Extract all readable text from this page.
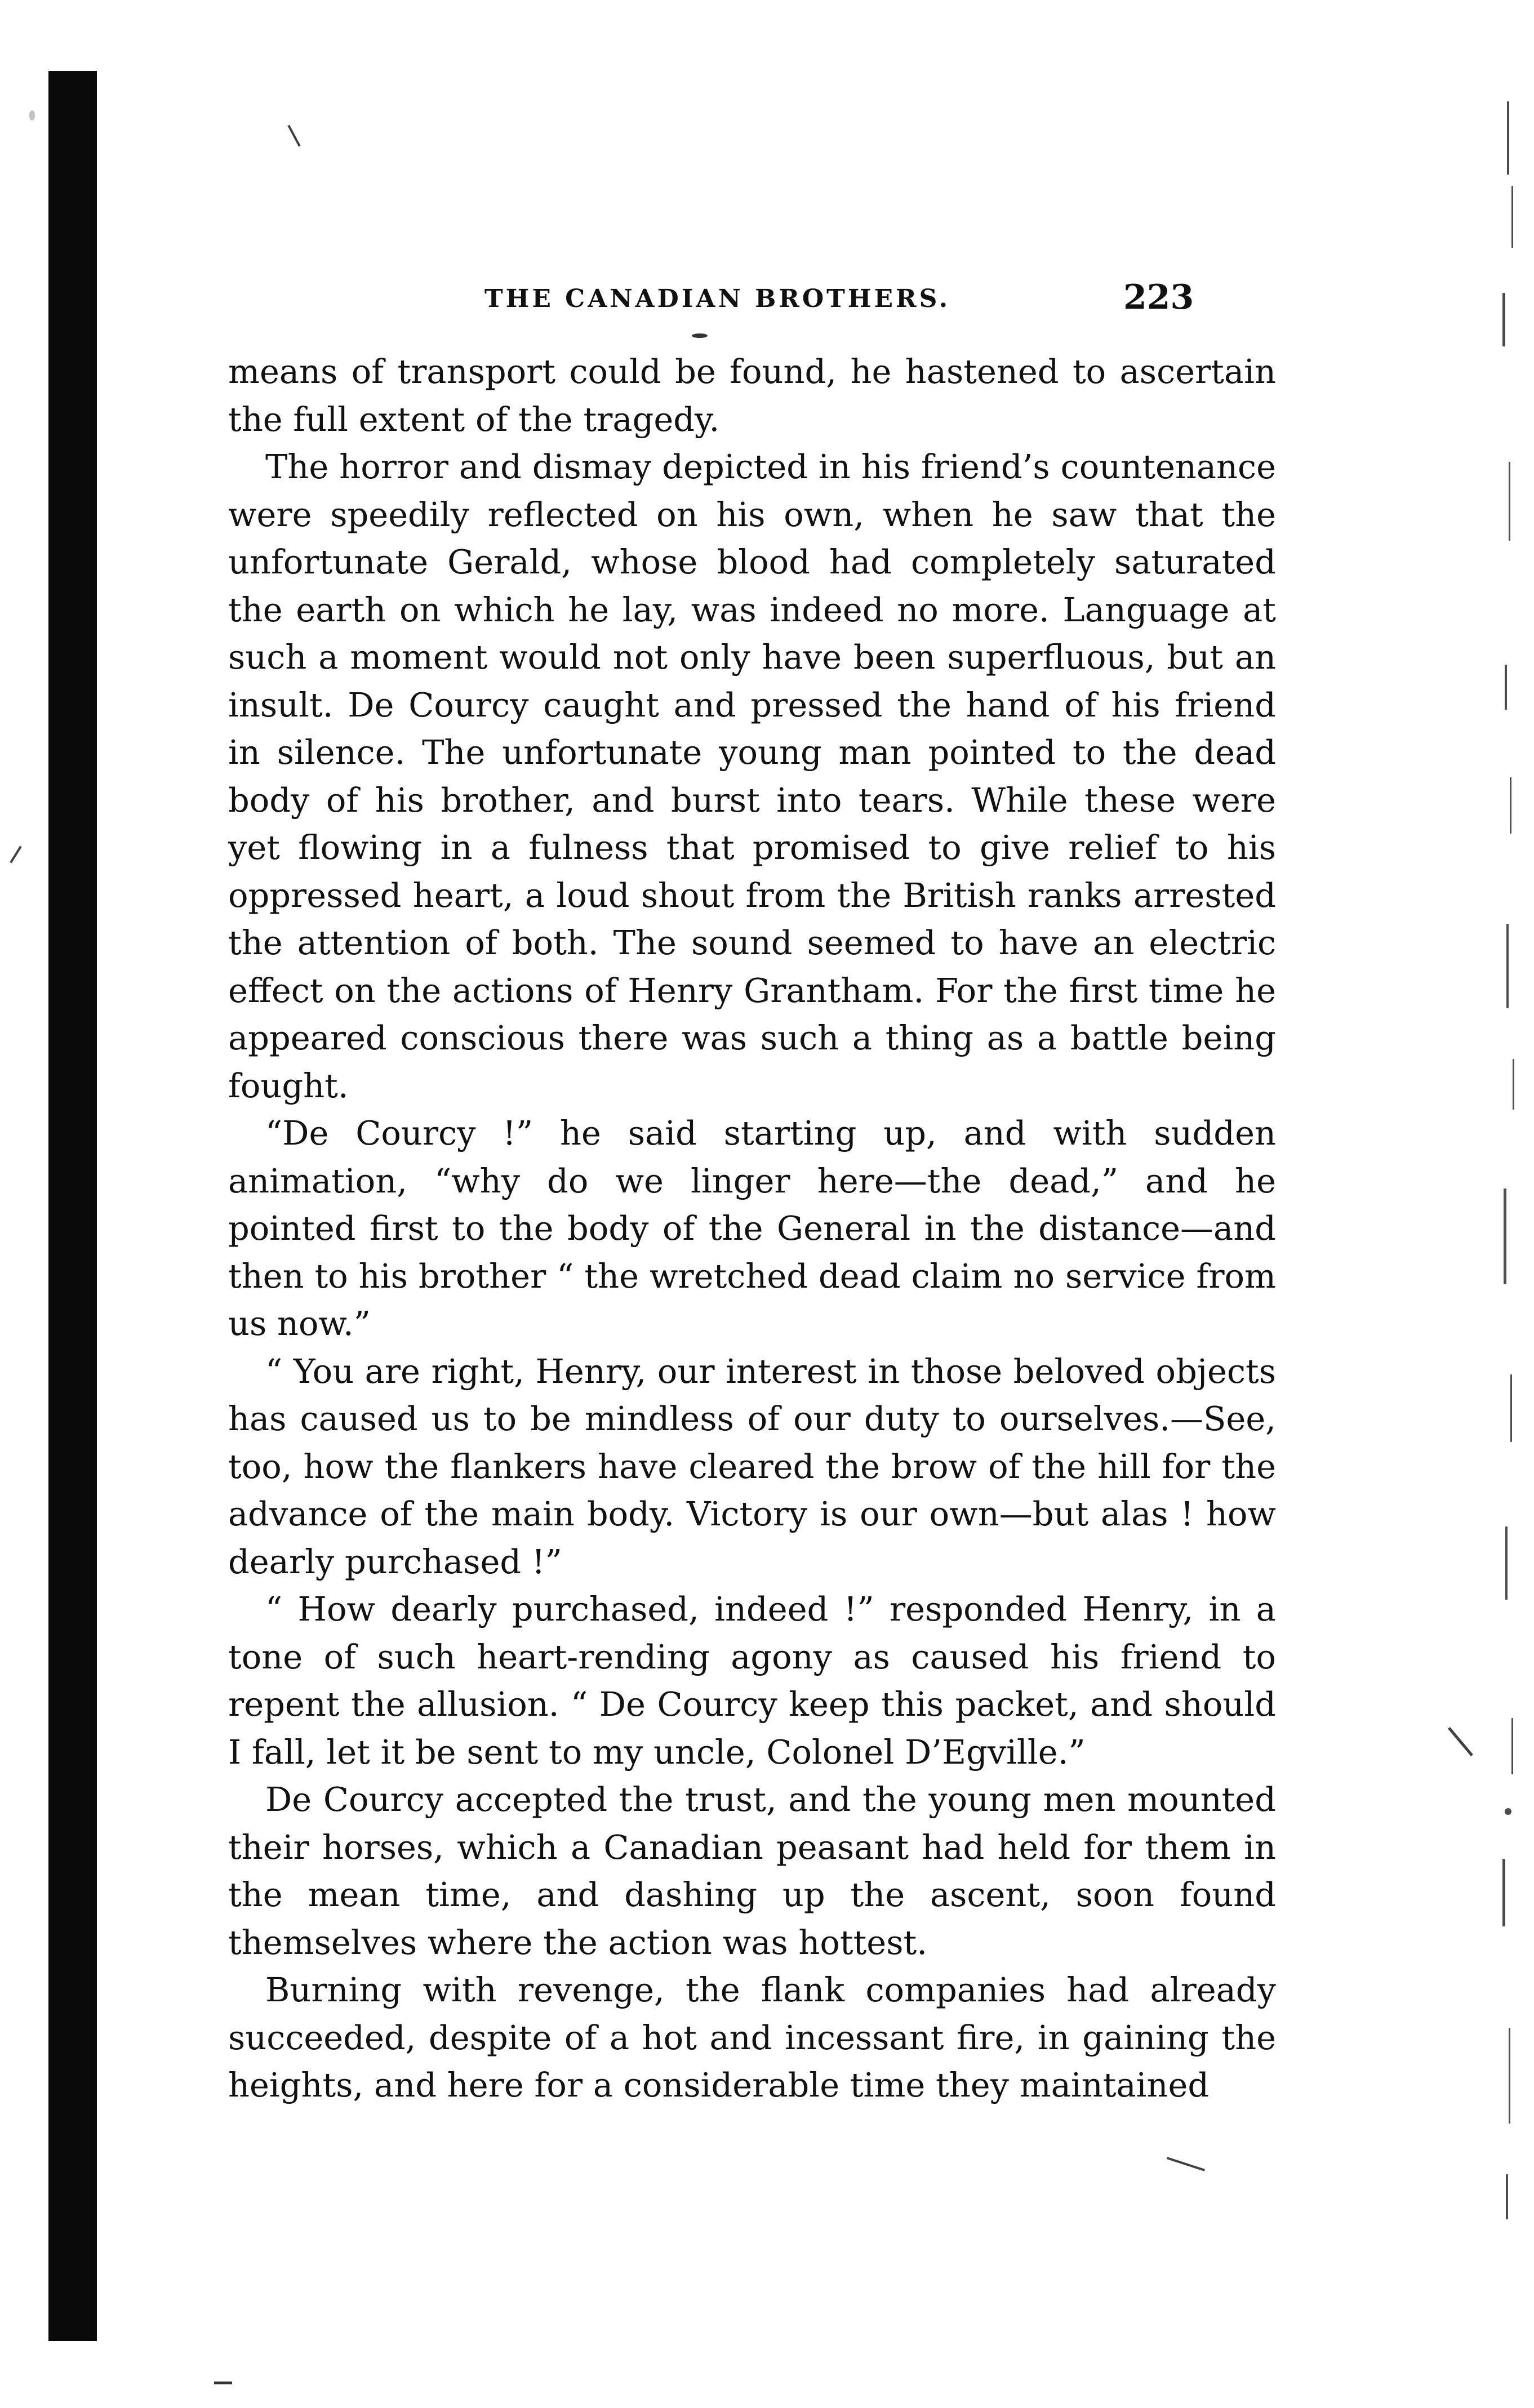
THE CANADIAN BROTHERS.	223

means of transport could be found, he hastened to ascertain the full extent of the tragedy.

The horror and dismay depicted in his friend’s countenance were speedily reflected on his own, when he saw that the unfortunate Gerald, whose blood had completely saturated the earth on which he lay, was indeed no more. Language at such a moment would not only have been superfluous, but an insult. De Courcy caught and pressed the hand of his friend in silence. The unfortunate young man pointed to the dead body of his brother, and burst into tears. While these were yet flowing in a fulness that promised to give relief to his oppressed heart, a loud shout from the British ranks arrested the attention of both. The sound seemed to have an electric effect on the actions of Henry Grantham. For the first time he appeared conscious there was such a thing as a battle being fought.

“De Courcy !” he said starting up, and with sudden animation, “why do we linger here—the dead,” and he pointed first to the body of the General in the distance—and then to his brother “ the wretched dead claim no service from us now.”

“ You are right, Henry, our interest in those beloved objects has caused us to be mindless of our duty to ourselves.—See, too, how the flankers have cleared the brow of the hill for the advance of the main body. Victory is our own—but alas ! how dearly purchased !”

“ How dearly purchased, indeed !” responded Henry, in a tone of such heart-rending agony as caused his friend to repent the allusion. “ De Courcy keep this packet, and should I fall, let it be sent to my uncle, Colonel D’Egville.”

De Courcy accepted the trust, and the young men mounted their horses, which a Canadian peasant had held for them in the mean time, and dashing up the ascent, soon found themselves where the action was hottest.

Burning with revenge, the flank companies had already succeeded, despite of a hot and incessant fire, in gaining the heights, and here for a considerable time they maintained
